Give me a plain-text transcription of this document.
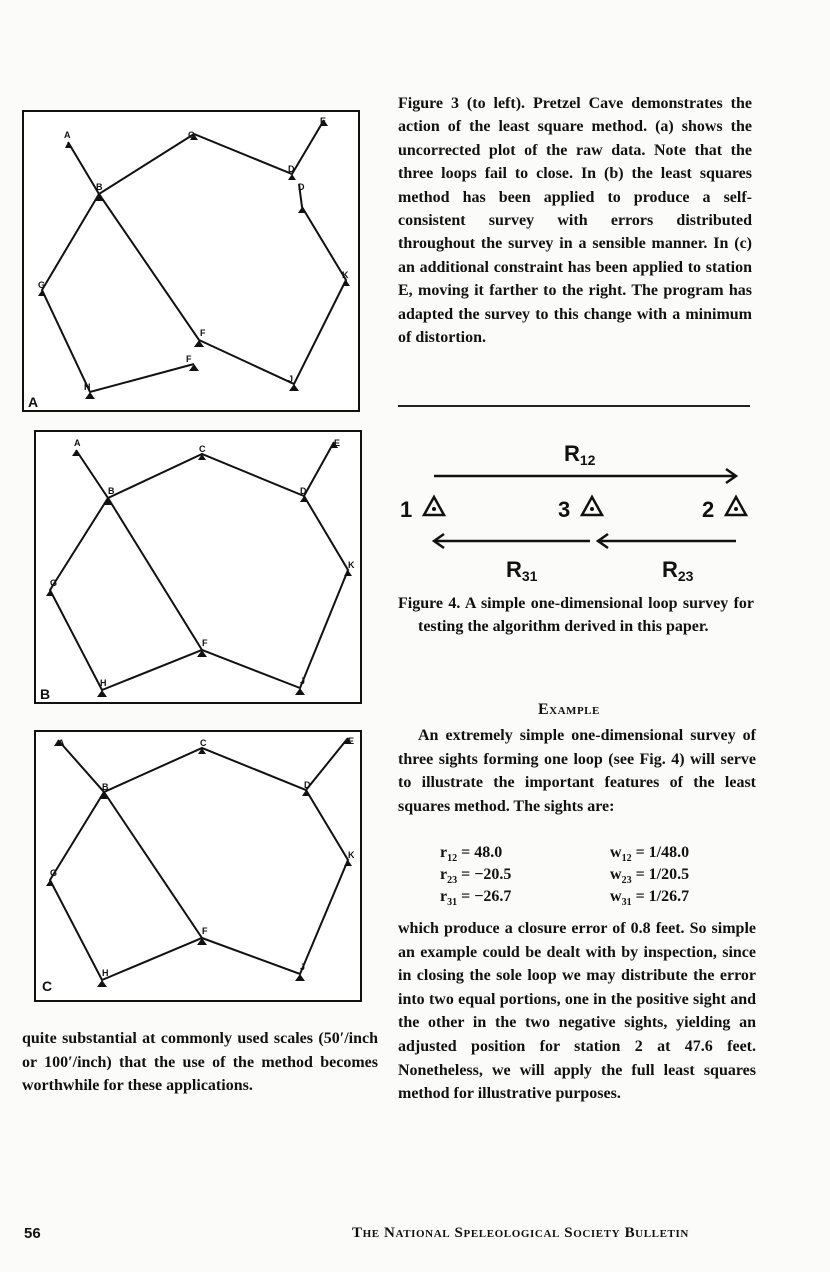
A
B
C
D
E
F
F
G
H
J
K
D
A
A
B
C
D
E
F
G
H	J
K
B
A
B
C
D
E
F
G
H
J
K
C

Figure 3 (to left). Pretzel Cave demonstrates the action of the least square method. (a) shows the uncorrected plot of the raw data. Note that the three loops fail to close. In (b) the least squares method has been applied to produce a self-consistent survey with errors distributed throughout the survey in a sensible manner. In (c) an additional constraint has been applied to station E, moving it farther to the right. The program has adapted the survey to this change with a minimum of distortion.

R12
1	3	2
R31	R23

Figure 4. A simple one-dimensional loop survey for testing the algorithm derived in this paper.

Example

An extremely simple one-dimensional survey of three sights forming one loop (see Fig. 4) will serve to illustrate the important features of the least squares method. The sights are:

$r_{12} = 48.0$	$w_{12} = 1/48.0$
$r_{23} = -20.5$	$w_{23} = 1/20.5$
$r_{31} = -26.7$	$w_{31} = 1/26.7$

which produce a closure error of 0.8 feet. So simple an example could be dealt with by inspection, since in closing the sole loop we may distribute the error into two equal portions, one in the positive sight and the other in the two negative sights, yielding an adjusted position for station 2 at 47.6 feet. Nonetheless, we will apply the full least squares method for illustrative purposes.

quite substantial at commonly used scales (50′/inch or 100′/inch) that the use of the method becomes worthwhile for these applications.

56	The National Speleological Society Bulletin
